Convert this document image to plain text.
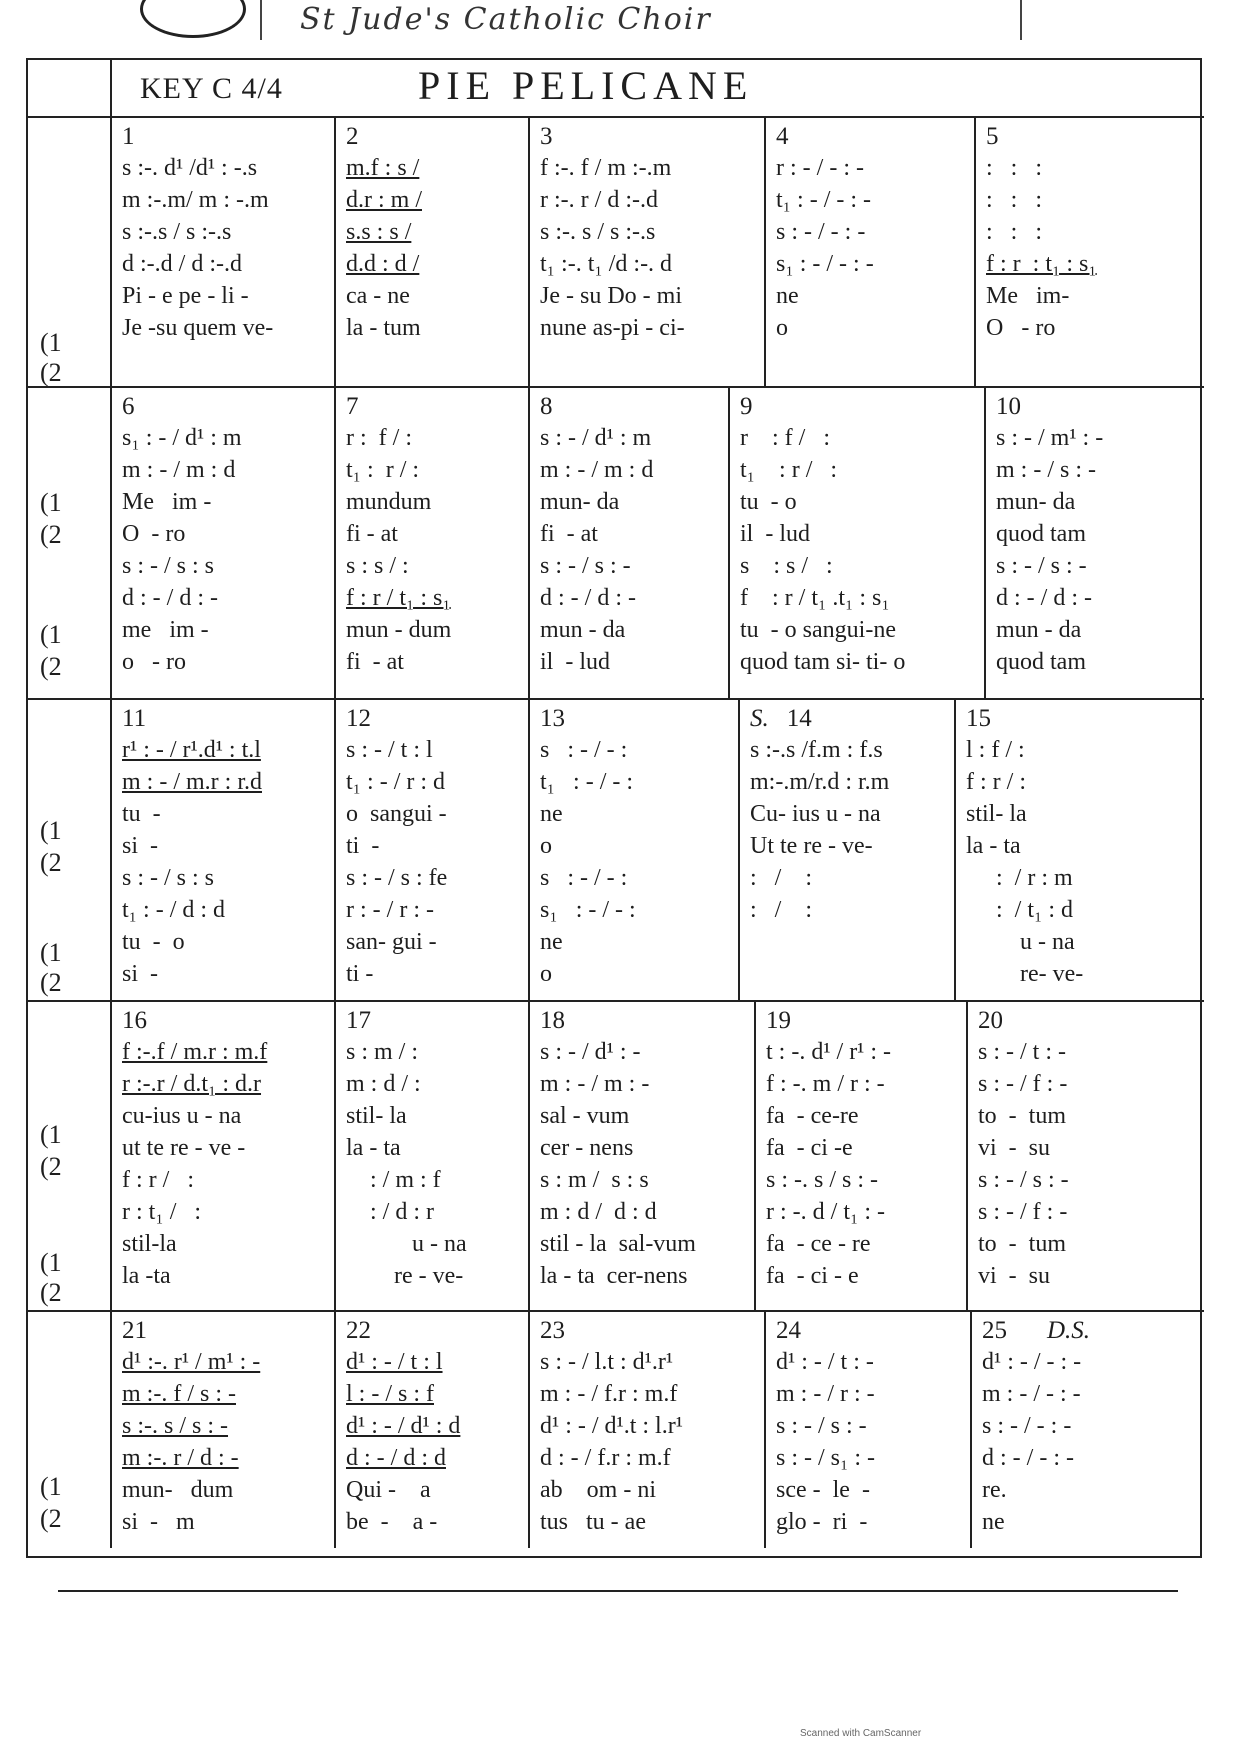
St Jude's Catholic Choir
KEY C 4/4	PIE PELICANE
(1
(2
1
s :-. d¹ /d¹ : -.s
m :-.m/ m : -.m
s :-.s / s :-.s
d :-.d / d :-.d
Pi - e pe - li -
Je -su quem ve-
2
m.f : s /
d.r : m /
s.s : s /
d.d : d /
ca - ne
la - tum
3
f :-. f / m :-.m
r :-. r / d :-.d
s :-. s / s :-.s
t₁ :-. t₁ /d :-. d
Je - su Do - mi
nune as-pi - ci-
4
r : - / - : -
t₁ : - / - : -
s : - / - : -
s₁ : - / - : -
ne
o
5
:   :   :
:   :   :
:   :   :
f : r  : t₁ : s₁
Me   im-
O   - ro
(1
(2
(1
(2
6
s₁ : - / d¹ : m
m : - / m : d
Me   im -
O  - ro
s : - / s : s
d : - / d : -
me   im -
o   - ro
7
r :  f / :
t₁ :  r / :
mundum
fi - at
s : s / :
f : r / t₁ : s₁
mun - dum
fi  - at
8
s : - / d¹ : m
m : - / m : d
mun- da
fi  - at
s : - / s : -
d : - / d : -
mun - da
il  - lud
9
r    : f /   :
t₁    : r /   :
tu  - o
il  - lud
s    : s /   :
f    : r / t₁ .t₁ : s₁
tu  - o sangui-ne
quod tam si- ti- o
10
s : - / m¹ : -
m : - / s : -
mun- da
quod tam
s : - / s : -
d : - / d : -
mun - da
quod tam
(1
(2
(1
(2
11
r¹ : - / r¹.d¹ : t.l
m : - / m.r : r.d
tu  -
si  -
s : - / s : s
t₁ : - / d : d
tu  -  o
si  -
12
s : - / t : l
t₁ : - / r : d
o  sangui -
ti  -
s : - / s : fe
r : - / r : -
san- gui -
ti -
13
s   : - / - :
t₁   : - / - :
ne
o
s   : - / - :
s₁   : - / - :
ne
o
S. 14
s :-.s /f.m : f.s
m:-.m/r.d : r.m
Cu- ius u - na
Ut te re - ve-
:   /    :
:   /    :
15
l : f / :
f : r / :
stil- la
la - ta
:  / r : m
:  / t₁ : d
u - na
re- ve-
(1
(2
(1
(2
16
f :-.f / m.r : m.f
r :-.r / d.t₁ : d.r
cu-ius u - na
ut te re - ve -
f : r /   :
r : t₁ /   :
stil-la
la -ta
17
s : m / :
m : d / :
stil- la
la - ta
: / m : f
: / d : r
u - na
re - ve-
18
s : - / d¹ : -
m : - / m : -
sal - vum
cer - nens
s : m /  s : s
m : d /  d : d
stil - la  sal-vum
la - ta  cer-nens
19
t : -. d¹ / r¹ : -
f : -. m / r : -
fa  - ce-re
fa  - ci -e
s : -. s / s : -
r : -. d / t₁ : -
fa  - ce - re
fa  - ci - e
20
s : - / t : -
s : - / f : -
to  -  tum
vi  -  su
s : - / s : -
s : - / f : -
to  -  tum
vi  -  su
(1
(2
21
d¹ :-. r¹ / m¹ : -
m :-. f / s : -
s :-. s / s : -
m :-. r / d : -
mun-   dum
si  -   m
22
d¹ : - / t : l
l : - / s : f
d¹ : - / d¹ : d
d : - / d : d
Qui -    a
be  -    a -
23
s : - / l.t : d¹.r¹
m : - / f.r : m.f
d¹ : - / d¹.t : l.r¹
d : - / f.r : m.f
ab    om - ni
tus   tu - ae
24
d¹ : - / t : -
m : - / r : -
s : - / s : -
s : - / s₁ : -
sce -  le  -
glo -  ri  -
25 D.S.
d¹ : - / - : -
m : - / - : -
s : - / - : -
d : - / - : -
re.
ne
Scanned with CamScanner
